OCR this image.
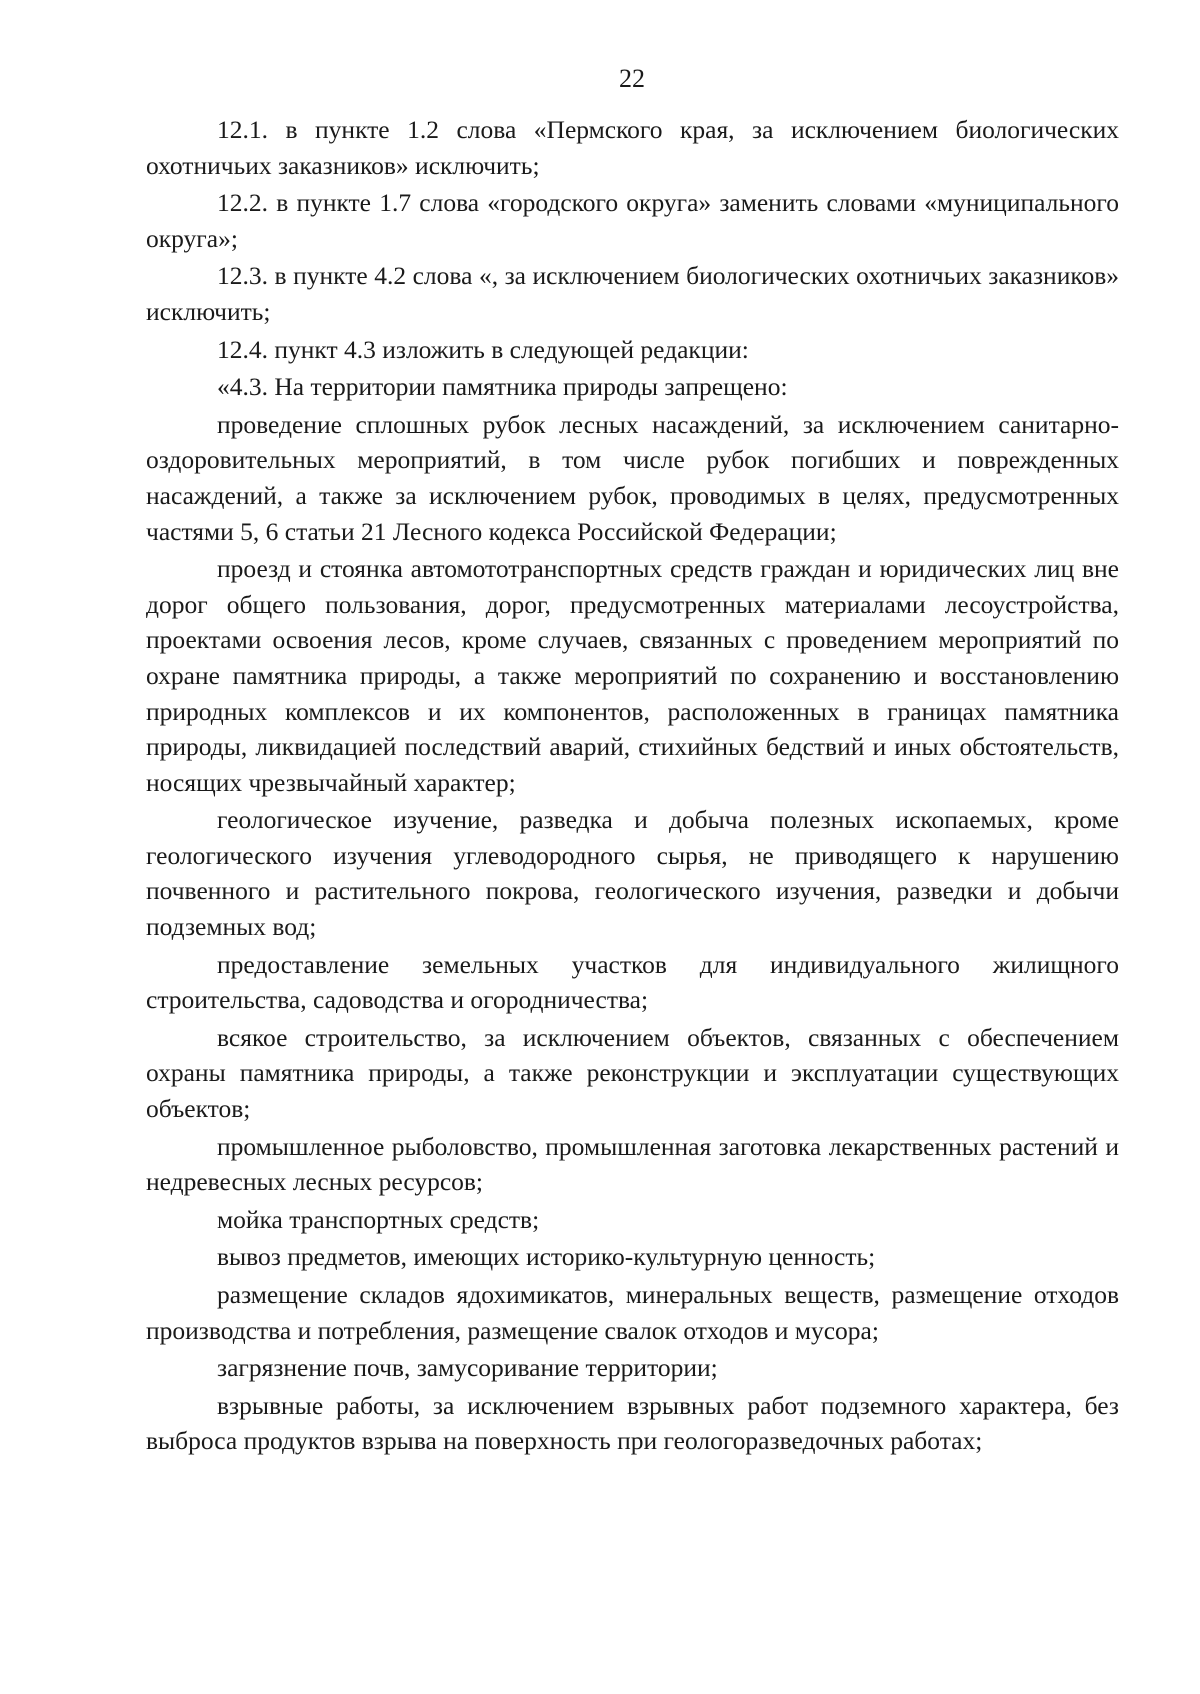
22

12.1. в пункте 1.2 слова «Пермского края, за исключением биологических охотничьих заказников» исключить;

12.2. в пункте 1.7 слова «городского округа» заменить словами «муниципального округа»;

12.3. в пункте 4.2 слова «, за исключением биологических охотничьих заказников» исключить;

12.4. пункт 4.3 изложить в следующей редакции:

«4.3. На территории памятника природы запрещено:

проведение сплошных рубок лесных насаждений, за исключением санитарно-оздоровительных мероприятий, в том числе рубок погибших и поврежденных насаждений, а также за исключением рубок, проводимых в целях, предусмотренных частями 5, 6 статьи 21 Лесного кодекса Российской Федерации;

проезд и стоянка автомототранспортных средств граждан и юридических лиц вне дорог общего пользования, дорог, предусмотренных материалами лесоустройства, проектами освоения лесов, кроме случаев, связанных с проведением мероприятий по охране памятника природы, а также мероприятий по сохранению и восстановлению природных комплексов и их компонентов, расположенных в границах памятника природы, ликвидацией последствий аварий, стихийных бедствий и иных обстоятельств, носящих чрезвычайный характер;

геологическое изучение, разведка и добыча полезных ископаемых, кроме геологического изучения углеводородного сырья, не приводящего к нарушению почвенного и растительного покрова, геологического изучения, разведки и добычи подземных вод;

предоставление земельных участков для индивидуального жилищного строительства, садоводства и огородничества;

всякое строительство, за исключением объектов, связанных с обеспечением охраны памятника природы, а также реконструкции и эксплуатации существующих объектов;

промышленное рыболовство, промышленная заготовка лекарственных растений и недревесных лесных ресурсов;

мойка транспортных средств;

вывоз предметов, имеющих историко-культурную ценность;

размещение складов ядохимикатов, минеральных веществ, размещение отходов производства и потребления, размещение свалок отходов и мусора;

загрязнение почв, замусоривание территории;

взрывные работы, за исключением взрывных работ подземного характера, без выброса продуктов взрыва на поверхность при геологоразведочных работах;
